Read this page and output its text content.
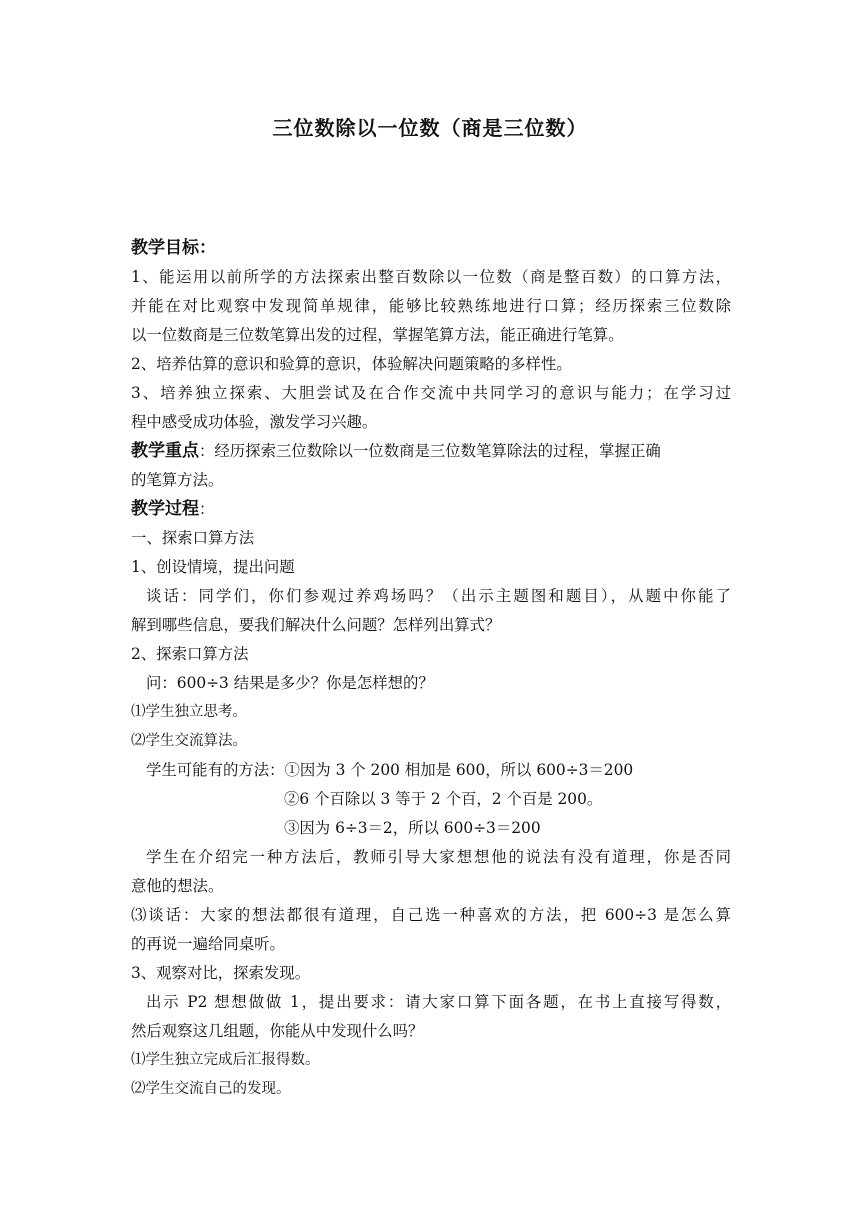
三位数除以一位数（商是三位数）
教学目标：
1、能运用以前所学的方法探索出整百数除以一位数（商是整百数）的口算方法，
并能在对比观察中发现简单规律，能够比较熟练地进行口算；经历探索三位数除
以一位数商是三位数笔算出发的过程，掌握笔算方法，能正确进行笔算。
2、培养估算的意识和验算的意识，体验解决问题策略的多样性。
3、培养独立探索、大胆尝试及在合作交流中共同学习的意识与能力；在学习过
程中感受成功体验，激发学习兴趣。
教学重点：经历探索三位数除以一位数商是三位数笔算除法的过程，掌握正确
的笔算方法。
教学过程：
一、探索口算方法
1、创设情境，提出问题
谈话：同学们，你们参观过养鸡场吗？（出示主题图和题目），从题中你能了
解到哪些信息，要我们解决什么问题？怎样列出算式？
2、探索口算方法
问：600÷3 结果是多少？你是怎样想的？
⑴学生独立思考。
⑵学生交流算法。
学生可能有的方法：①因为 3 个 200 相加是 600，所以 600÷3＝200
②6 个百除以 3 等于 2 个百，2 个百是 200。
③因为 6÷3＝2，所以 600÷3＝200
学生在介绍完一种方法后，教师引导大家想想他的说法有没有道理，你是否同
意他的想法。
⑶谈话：大家的想法都很有道理，自己选一种喜欢的方法，把 600÷3 是怎么算
的再说一遍给同桌听。
3、观察对比，探索发现。
出示 P2 想想做做 1，提出要求：请大家口算下面各题，在书上直接写得数，
然后观察这几组题，你能从中发现什么吗？
⑴学生独立完成后汇报得数。
⑵学生交流自己的发现。
